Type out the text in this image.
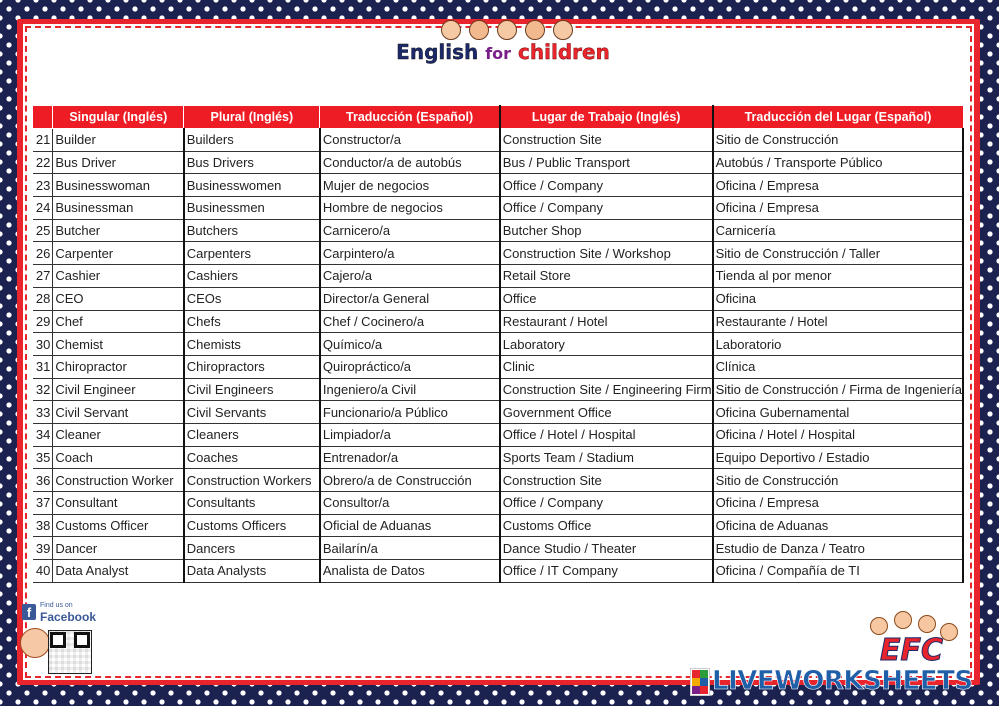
English for children
	Singular (Inglés)	Plural (Inglés)	Traducción (Español)	Lugar de Trabajo (Inglés)	Traducción del Lugar (Español)
21	Builder	Builders	Constructor/a	Construction Site	Sitio de Construcción
22	Bus Driver	Bus Drivers	Conductor/a de autobús	Bus / Public Transport	Autobús / Transporte Público
23	Businesswoman	Businesswomen	Mujer de negocios	Office / Company	Oficina / Empresa
24	Businessman	Businessmen	Hombre de negocios	Office / Company	Oficina / Empresa
25	Butcher	Butchers	Carnicero/a	Butcher Shop	Carnicería
26	Carpenter	Carpenters	Carpintero/a	Construction Site / Workshop	Sitio de Construcción / Taller
27	Cashier	Cashiers	Cajero/a	Retail Store	Tienda al por menor
28	CEO	CEOs	Director/a General	Office	Oficina
29	Chef	Chefs	Chef / Cocinero/a	Restaurant / Hotel	Restaurante / Hotel
30	Chemist	Chemists	Químico/a	Laboratory	Laboratorio
31	Chiropractor	Chiropractors	Quiropráctico/a	Clinic	Clínica
32	Civil Engineer	Civil Engineers	Ingeniero/a Civil	Construction Site / Engineering Firm	Sitio de Construcción / Firma de Ingeniería
33	Civil Servant	Civil Servants	Funcionario/a Público	Government Office	Oficina Gubernamental
34	Cleaner	Cleaners	Limpiador/a	Office / Hotel / Hospital	Oficina / Hotel / Hospital
35	Coach	Coaches	Entrenador/a	Sports Team / Stadium	Equipo Deportivo / Estadio
36	Construction Worker	Construction Workers	Obrero/a de Construcción	Construction Site	Sitio de Construcción
37	Consultant	Consultants	Consultor/a	Office / Company	Oficina / Empresa
38	Customs Officer	Customs Officers	Oficial de Aduanas	Customs Office	Oficina de Aduanas
39	Dancer	Dancers	Bailarín/a	Dance Studio / Theater	Estudio de Danza / Teatro
40	Data Analyst	Data Analysts	Analista de Datos	Office / IT Company	Oficina / Compañía de TI
f	Find us on
Facebook
EFC
LIVEWORKSHEETS
